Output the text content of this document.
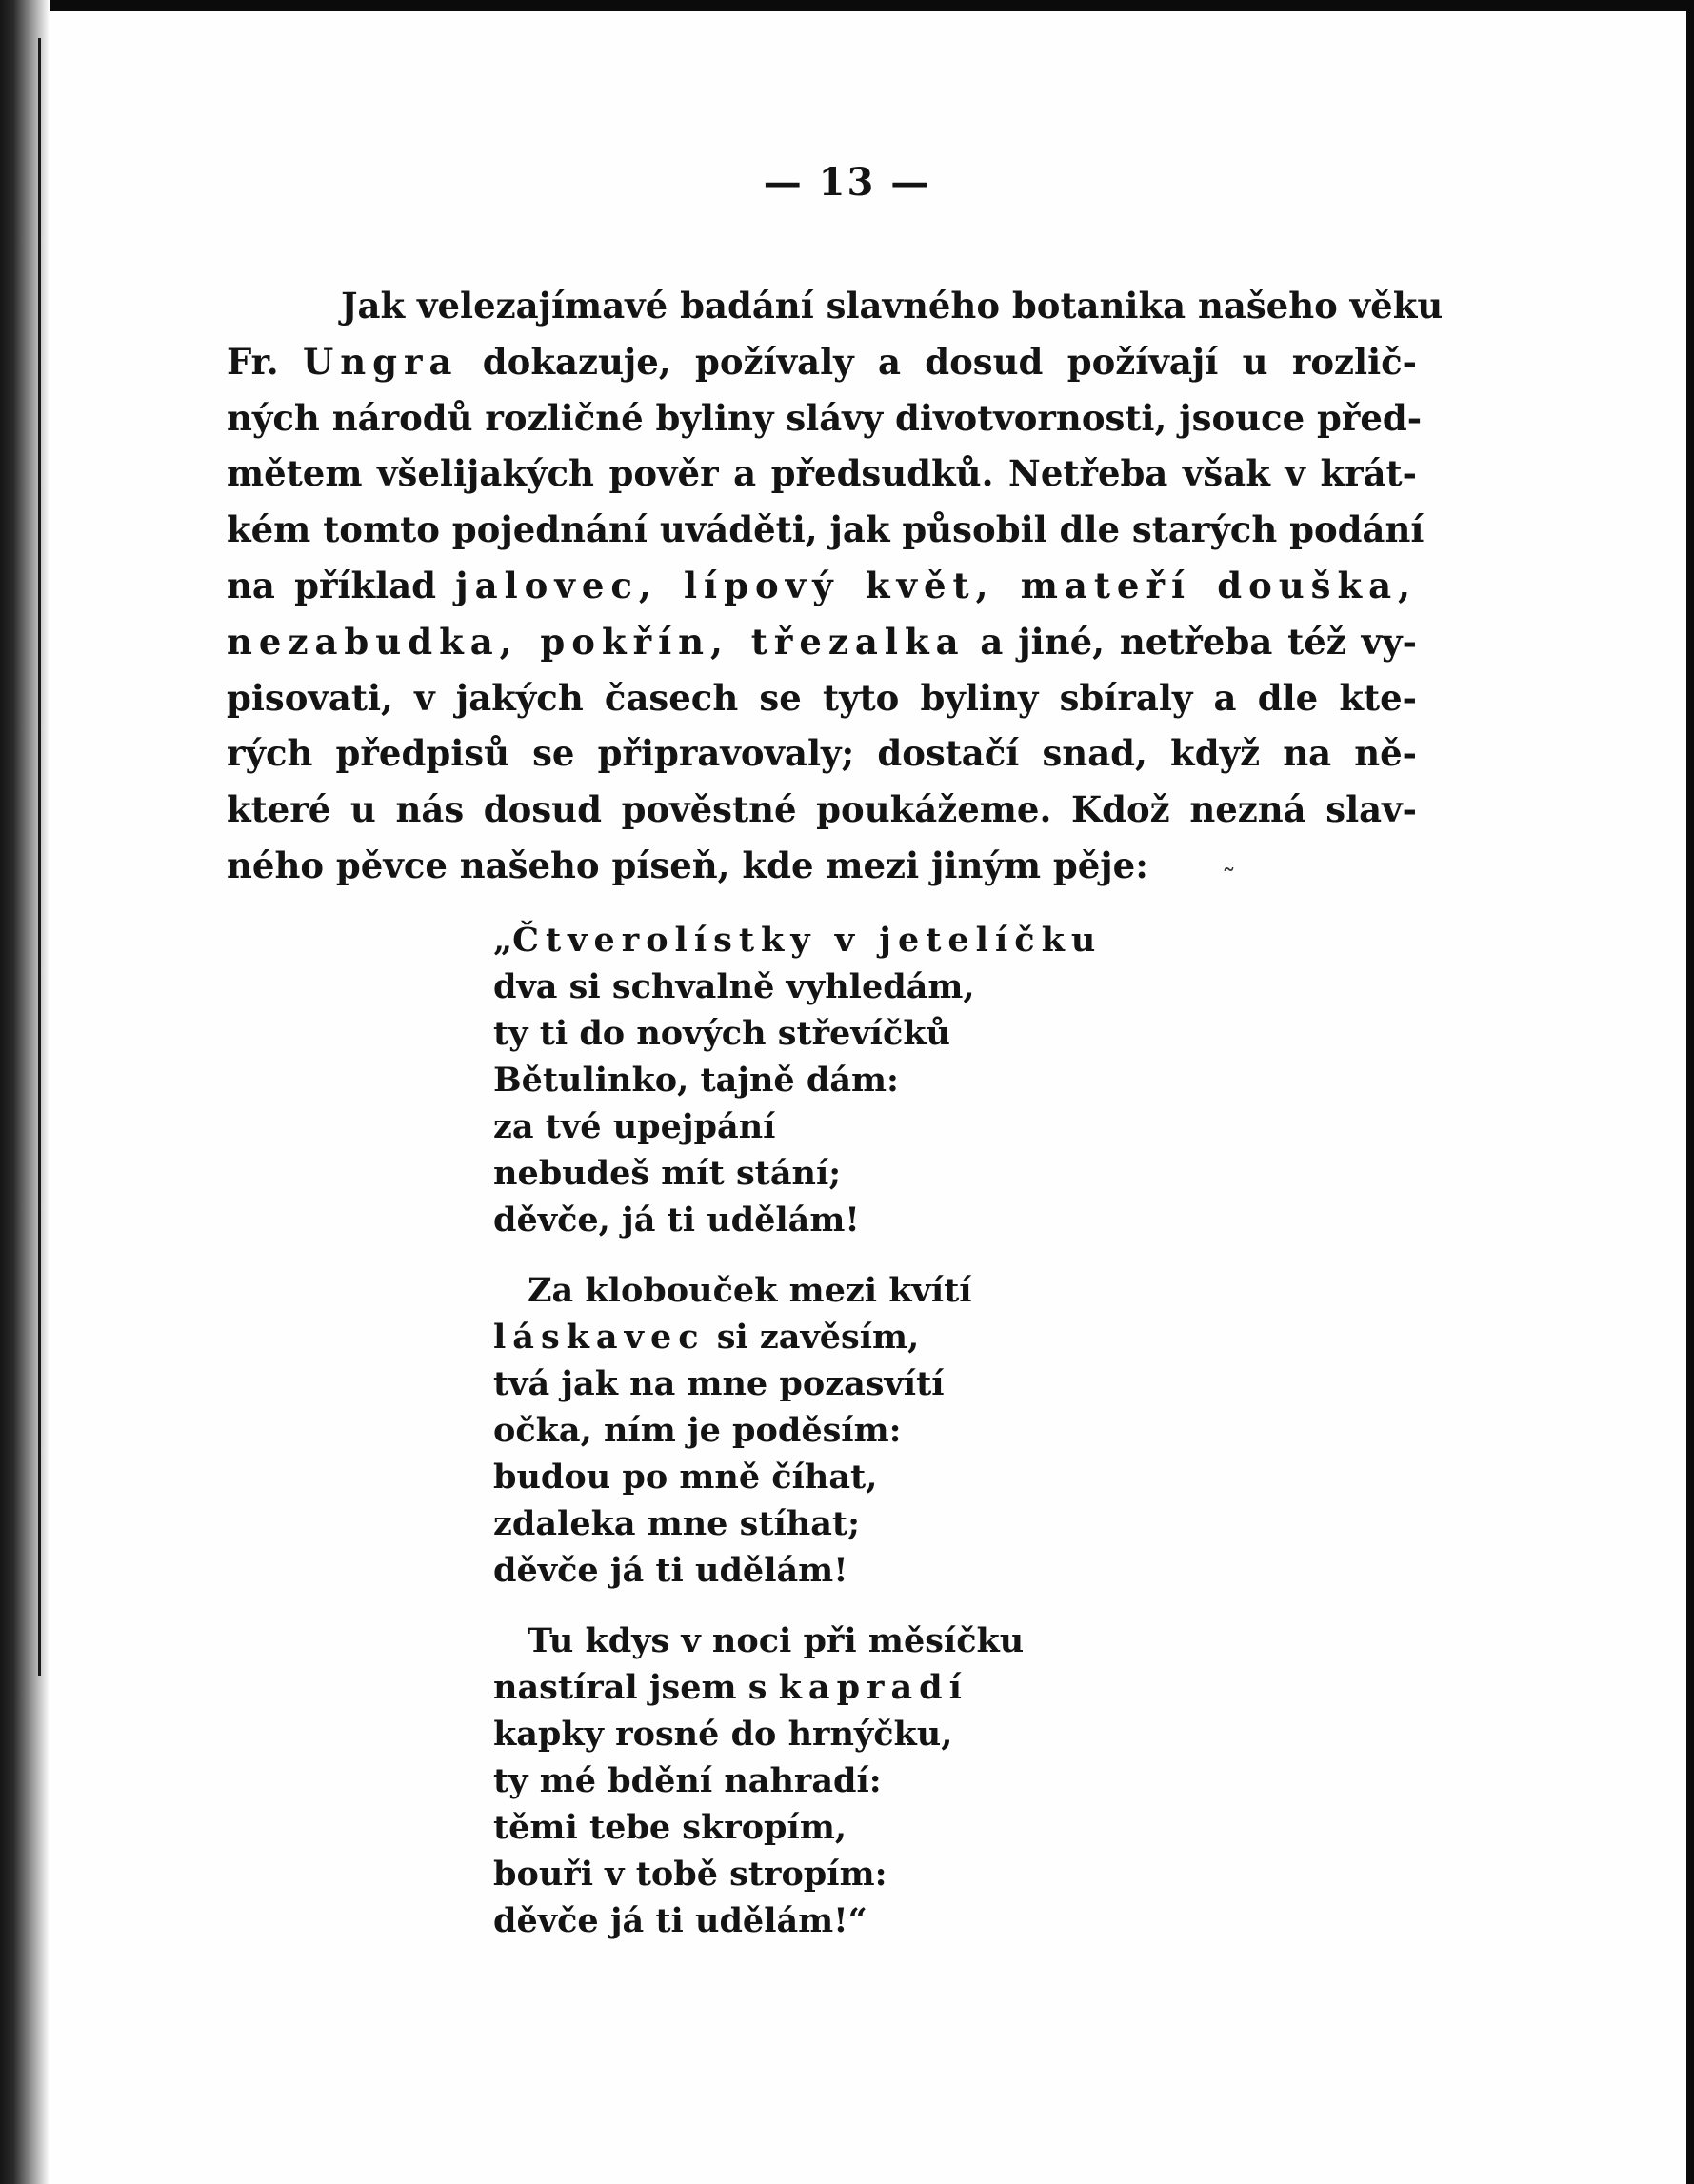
— 13 —
Jak velezajímavé badání slavného botanika našeho věku
Fr. Ungra dokazuje, požívaly a dosud požívají u rozlič-
ných národů rozličné byliny slávy divotvornosti, jsouce před-
mětem všelijakých pověr a předsudků. Netřeba však v krát-
kém tomto pojednání uváděti, jak působil dle starých podání
na příklad jalovec, lípový květ, mateří douška,
nezabudka, pokřín, třezalka a jiné, netřeba též vy-
pisovati, v jakých časech se tyto byliny sbíraly a dle kte-
rých předpisů se připravovaly; dostačí snad, když na ně-
které u nás dosud pověstné poukážeme. Kdož nezná slav-
ného pěvce našeho píseň, kde mezi jiným pěje:
„Čtverolístky v jetelíčku
dva si schvalně vyhledám,
ty ti do nových střevíčků
Bětulinko, tajně dám:
za tvé upejpání
nebudeš mít stání;
děvče, já ti udělám!
Za klobouček mezi kvítí
láskavec si zavěsím,
tvá jak na mne pozasvítí
očka, ním je poděsím:
budou po mně číhat,
zdaleka mne stíhat;
děvče já ti udělám!
Tu kdys v noci při měsíčku
nastíral jsem s kapradí
kapky rosné do hrnýčku,
ty mé bdění nahradí:
těmi tebe skropím,
bouři v tobě stropím:
děvče já ti udělám!“
˷
